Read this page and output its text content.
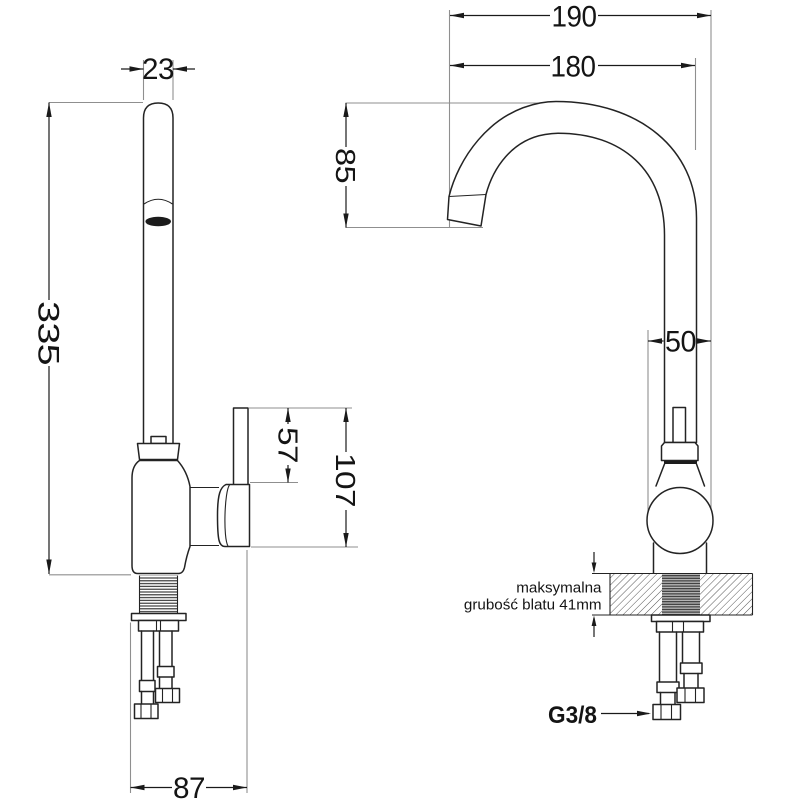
23
335
57
107
87
190
180
85
50
maksymalna
grubość blatu 41mm
G3/8
